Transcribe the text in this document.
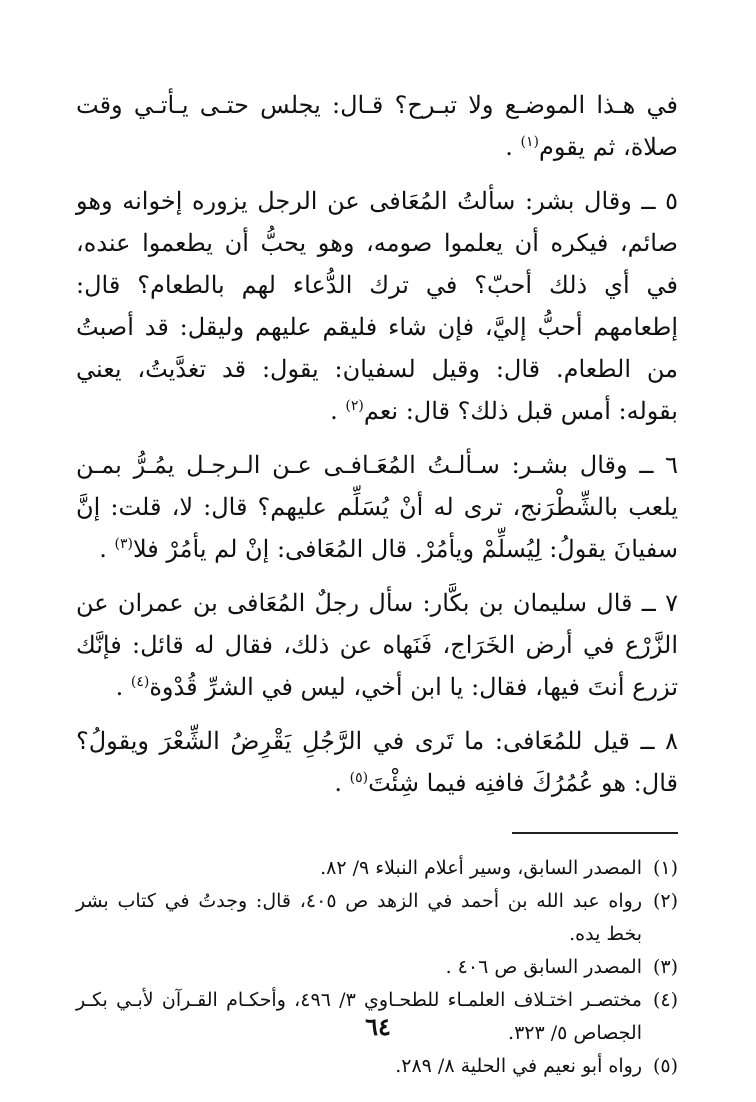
في هـذا الموضـع ولا تبـرح؟ قـال: يجلس حتـى يـأتـي وقت صلاة، ثم يقوم$^{(١)}$ .

٥ ــ وقال بشر: سألتُ المُعَافى عن الرجل يزوره إخوانه وهو صائم، فيكره أن يعلموا صومه، وهو يحبُّ أن يطعموا عنده، في أي ذلك أحبّ؟ في ترك الدُّعاء لهم بالطعام؟ قال: إطعامهم أحبُّ إليَّ، فإن شاء فليقم عليهم وليقل: قد أصبتُ من الطعام. قال: وقيل لسفيان: يقول: قد تغدَّيتُ، يعني بقوله: أمس قبل ذلك؟ قال: نعم$^{(٢)}$ .

٦ ــ وقال بشـر: سـألـتُ المُعَـافـى عـن الـرجـل يمُـرُّ بمـن يلعب بالشِّطْرَنج، ترى له أنْ يُسَلِّم عليهم؟ قال: لا، قلت: إنَّ سفيانَ يقولُ: لِيُسلِّمْ ويأمُرْ. قال المُعَافى: إنْ لم يأمُرْ فلا$^{(٣)}$ .

٧ ــ قال سليمان بن بكَّار: سأل رجلٌ المُعَافى بن عمران عن الزَّرْع في أرض الخَرَاج، فَنَهاه عن ذلك، فقال له قائل: فإنَّك تزرع أنتَ فيها، فقال: يا ابن أخي، ليس في الشرِّ قُدْوة$^{(٤)}$ .

٨ ــ قيل للمُعَافى: ما تَرى في الرَّجُلِ يَقْرِضُ الشِّعْرَ ويقولُ؟ قال: هو عُمُرُكَ فافنِه فيما شِئْتَ$^{(٥)}$ .

(١)
المصدر السابق، وسير أعلام النبلاء ٩/ ٨٢.
(٢)
رواه عبد الله بن أحمد في الزهد ص ٤٠٥، قال: وجدتُ في كتاب بشر بخط يده.
(٣)
المصدر السابق ص ٤٠٦ .
(٤)
مختصـر اختـلاف العلمـاء للطحـاوي ٣/ ٤٩٦، وأحكـام القـرآن لأبـي بكـر الجصاص ٥/ ٣٢٣.
(٥)
رواه أبو نعيم في الحلية ٨/ ٢٨٩.
٦٤
